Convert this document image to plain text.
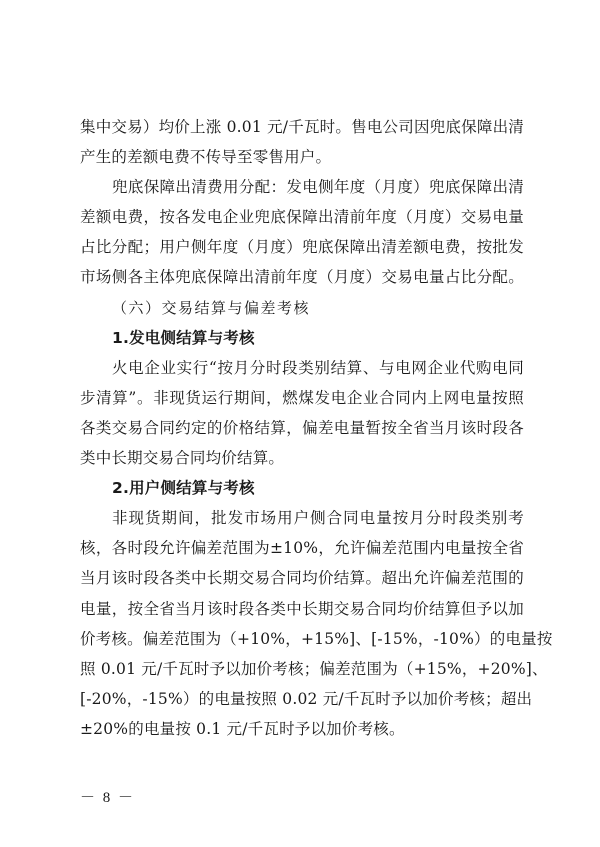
集中交易）均价上涨 0.01 元/千瓦时。售电公司因兜底保障出清
产生的差额电费不传导至零售用户。
兜底保障出清费用分配：发电侧年度（月度）兜底保障出清
差额电费，按各发电企业兜底保障出清前年度（月度）交易电量
占比分配；用户侧年度（月度）兜底保障出清差额电费，按批发
市场侧各主体兜底保障出清前年度（月度）交易电量占比分配。
（六）交易结算与偏差考核
1.发电侧结算与考核
火电企业实行“按月分时段类别结算、与电网企业代购电同
步清算”。非现货运行期间，燃煤发电企业合同内上网电量按照
各类交易合同约定的价格结算，偏差电量暂按全省当月该时段各
类中长期交易合同均价结算。
2.用户侧结算与考核
非现货期间，批发市场用户侧合同电量按月分时段类别考
核，各时段允许偏差范围为±10%，允许偏差范围内电量按全省
当月该时段各类中长期交易合同均价结算。超出允许偏差范围的
电量，按全省当月该时段各类中长期交易合同均价结算但予以加
价考核。偏差范围为（+10%，+15%]、[-15%，-10%）的电量按
照 0.01 元/千瓦时予以加价考核；偏差范围为（+15%，+20%]、
[-20%，-15%）的电量按照 0.02 元/千瓦时予以加价考核；超出
±20%的电量按 0.1 元/千瓦时予以加价考核。
－ 8 －
